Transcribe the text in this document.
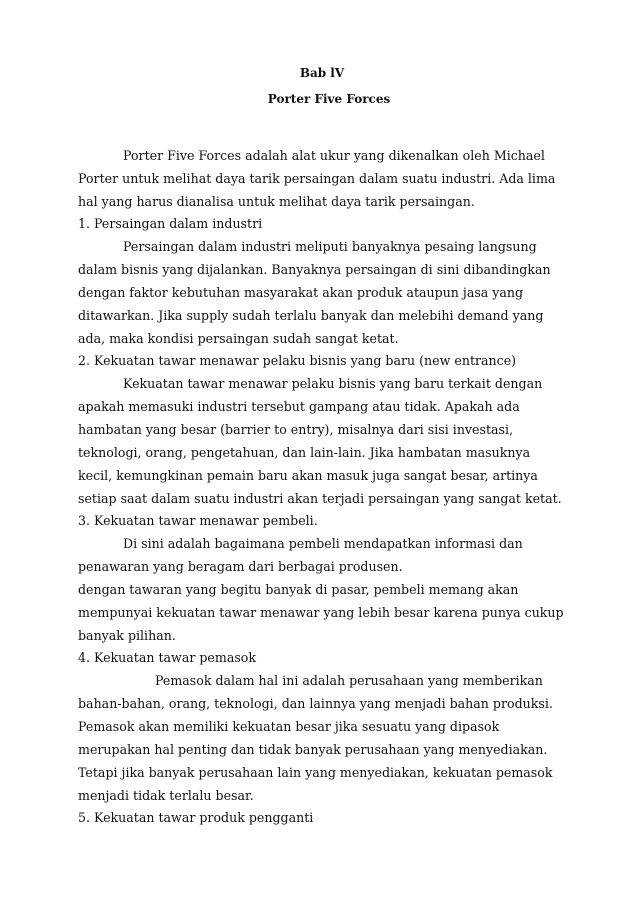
Bab lV
Porter Five Forces
Porter Five Forces adalah alat ukur yang dikenalkan oleh Michael
Porter untuk melihat daya tarik persaingan dalam suatu industri. Ada lima
hal yang harus dianalisa untuk melihat daya tarik persaingan.
1. Persaingan dalam industri
Persaingan dalam industri meliputi banyaknya pesaing langsung
dalam bisnis yang dijalankan. Banyaknya persaingan di sini dibandingkan
dengan faktor kebutuhan masyarakat akan produk ataupun jasa yang
ditawarkan. Jika supply sudah terlalu banyak dan melebihi demand yang
ada, maka kondisi persaingan sudah sangat ketat.
2. Kekuatan tawar menawar pelaku bisnis yang baru (new entrance)
Kekuatan tawar menawar pelaku bisnis yang baru terkait dengan
apakah memasuki industri tersebut gampang atau tidak. Apakah ada
hambatan yang besar (barrier to entry), misalnya dari sisi investasi,
teknologi, orang, pengetahuan, dan lain-lain. Jika hambatan masuknya
kecil, kemungkinan pemain baru akan masuk juga sangat besar, artinya
setiap saat dalam suatu industri akan terjadi persaingan yang sangat ketat.
3. Kekuatan tawar menawar pembeli.
Di sini adalah bagaimana pembeli mendapatkan informasi dan
penawaran yang beragam dari berbagai produsen.
dengan tawaran yang begitu banyak di pasar, pembeli memang akan
mempunyai kekuatan tawar menawar yang lebih besar karena punya cukup
banyak pilihan.
4. Kekuatan tawar pemasok
Pemasok dalam hal ini adalah perusahaan yang memberikan
bahan-bahan, orang, teknologi, dan lainnya yang menjadi bahan produksi.
Pemasok akan memiliki kekuatan besar jika sesuatu yang dipasok
merupakan hal penting dan tidak banyak perusahaan yang menyediakan.
Tetapi jika banyak perusahaan lain yang menyediakan, kekuatan pemasok
menjadi tidak terlalu besar.
5. Kekuatan tawar produk pengganti
